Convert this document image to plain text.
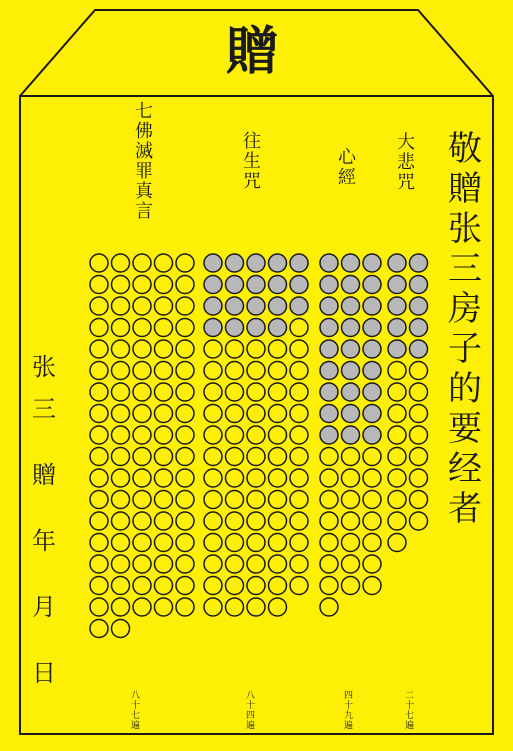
贈
敬
贈
张
三
房
子
的
要
经
者
张
三
贈
年
月
日
大
悲
咒
心
經
往
生
咒
七
佛
滅
罪
真
言
二
十
七
遍
四
十
九
遍
八
十
四
遍
八
十
七
遍
